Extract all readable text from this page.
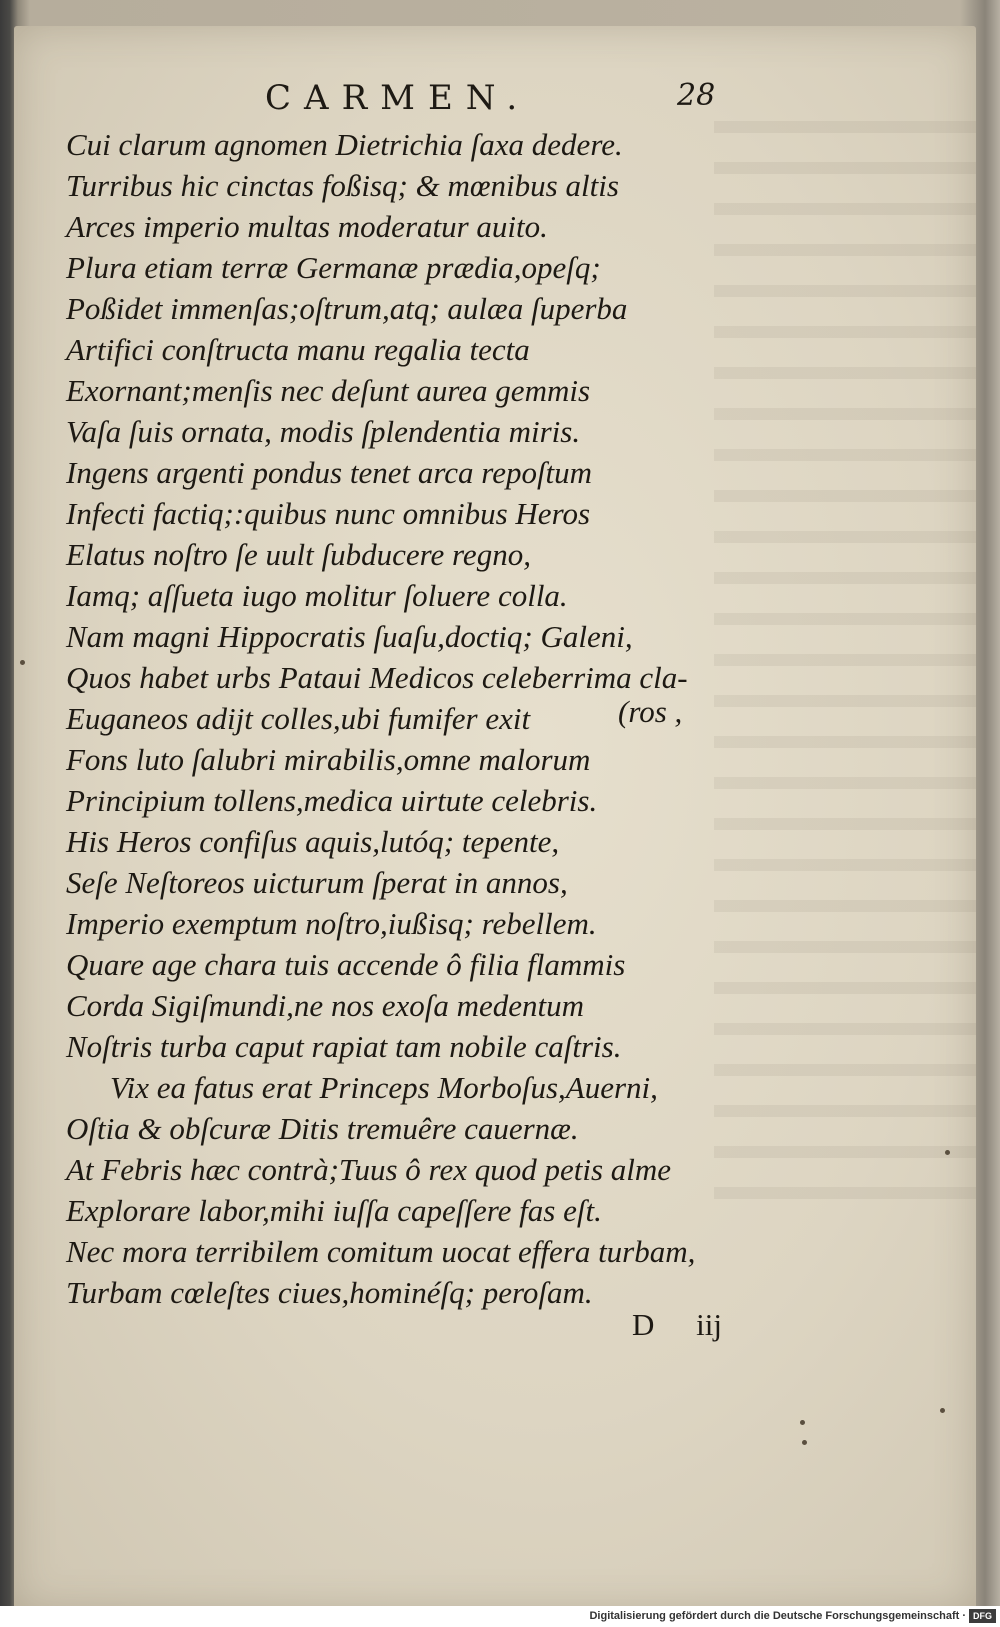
CARMEN.	28
Cui clarum agnomen Dietrichia ſaxa dedere.
Turribus hic cinctas foßisq; & mœnibus altis
Arces imperio multas moderatur auito.
Plura etiam terræ Germanæ prædia,opeſq;
Poßidet immenſas;oſtrum,atq; aulæa ſuperba
Artifici conſtructa manu regalia tecta
Exornant;menſis nec deſunt aurea gemmis
Vaſa ſuis ornata, modis ſplendentia miris.
Ingens argenti pondus tenet arca repoſtum
Infecti factiq;:quibus nunc omnibus Heros
Elatus noſtro ſe uult ſubducere regno,
Iamq; aſſueta iugo molitur ſoluere colla.
Nam magni Hippocratis ſuaſu,doctiq; Galeni,
Quos habet urbs Pataui Medicos celeberrima cla-
Euganeos adijt colles,ubi fumifer exit
Fons luto ſalubri mirabilis,omne malorum
Principium tollens,medica uirtute celebris.
His Heros confiſus aquis,lutóq; tepente,
Seſe Neſtoreos uicturum ſperat in annos,
Imperio exemptum noſtro,iußisq; rebellem.
Quare age chara tuis accende ô filia flammis
Corda Sigiſmundi,ne nos exoſa medentum
Noſtris turba caput rapiat tam nobile caſtris.
Vix ea fatus erat Princeps Morboſus,Auerni,
Oſtia & obſcuræ Ditis tremuêre cauernæ.
At Febris hæc contrà;Tuus ô rex quod petis alme
Explorare labor,mihi iuſſa capeſſere fas eſt.
Nec mora terribilem comitum uocat effera turbam,
Turbam cœleſtes ciues,hominéſq; peroſam.
(ros ,
D iij
Digitalisierung gefördert durch die Deutsche Forschungsgemeinschaft · DFG
